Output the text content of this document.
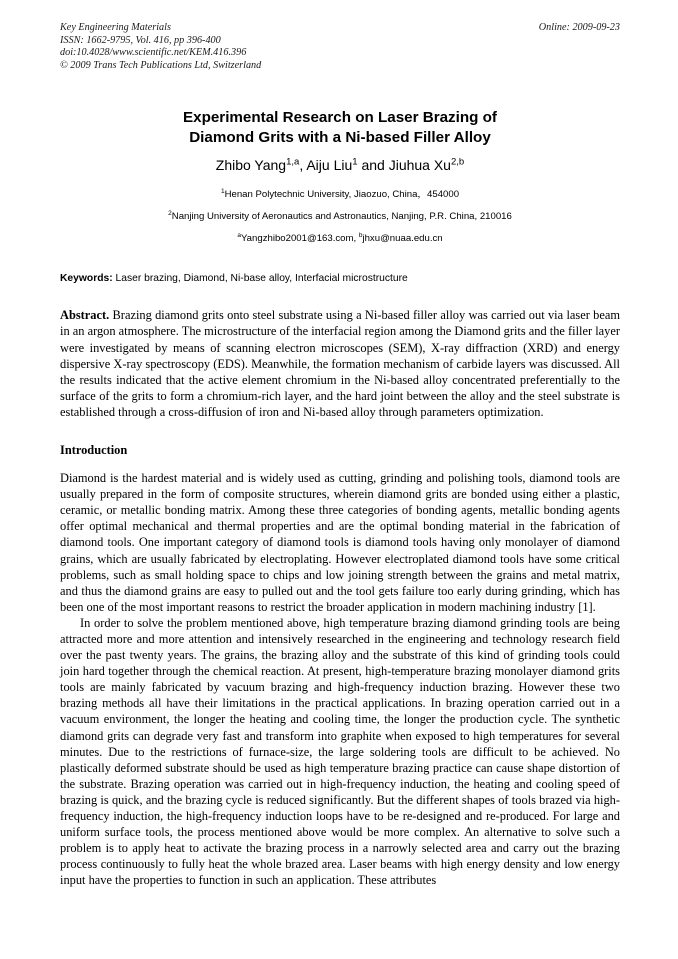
Key Engineering Materials
ISSN: 1662-9795, Vol. 416, pp 396-400
doi:10.4028/www.scientific.net/KEM.416.396
© 2009 Trans Tech Publications Ltd, Switzerland
Online: 2009-09-23
Experimental Research on Laser Brazing of
Diamond Grits with a Ni-based Filler Alloy
Zhibo Yang$^{1,a}$, Aiju Liu$^1$ and Jiuhua Xu$^{2,b}$
$^1$Henan Polytechnic University, Jiaozuo, China，454000
$^2$Nanjing University of Aeronautics and Astronautics, Nanjing, P.R. China, 210016
$^a$Yangzhibo2001@163.com, $^b$jhxu@nuaa.edu.cn
Keywords: Laser brazing, Diamond, Ni-base alloy, Interfacial microstructure
Abstract. Brazing diamond grits onto steel substrate using a Ni-based filler alloy was carried out via laser beam in an argon atmosphere. The microstructure of the interfacial region among the Diamond grits and the filler layer were investigated by means of scanning electron microscopes (SEM), X-ray diffraction (XRD) and energy dispersive X-ray spectroscopy (EDS). Meanwhile, the formation mechanism of carbide layers was discussed. All the results indicated that the active element chromium in the Ni-based alloy concentrated preferentially to the surface of the grits to form a chromium-rich layer, and the hard joint between the alloy and the steel substrate is established through a cross-diffusion of iron and Ni-based alloy through parameters optimization.
Introduction
Diamond is the hardest material and is widely used as cutting, grinding and polishing tools, diamond tools are usually prepared in the form of composite structures, wherein diamond grits are bonded using either a plastic, ceramic, or metallic bonding matrix. Among these three categories of bonding agents, metallic bonding agents offer optimal mechanical and thermal properties and are the optimal bonding material in the fabrication of diamond tools. One important category of diamond tools is diamond tools having only monolayer of diamond grains, which are usually fabricated by electroplating. However electroplated diamond tools have some critical problems, such as small holding space to chips and low joining strength between the grains and metal matrix, and thus the diamond grains are easy to pulled out and the tool gets failure too early during grinding, which has been one of the most important reasons to restrict the broader application in modern machining industry [1].
In order to solve the problem mentioned above, high temperature brazing diamond grinding tools are being attracted more and more attention and intensively researched in the engineering and technology research field over the past twenty years. The grains, the brazing alloy and the substrate of this kind of grinding tools could join hard together through the chemical reaction. At present, high-temperature brazing monolayer diamond grits tools are mainly fabricated by vacuum brazing and high-frequency induction brazing. However these two brazing methods all have their limitations in the practical applications. In brazing operation carried out in a vacuum environment, the longer the heating and cooling time, the longer the production cycle. The synthetic diamond grits can degrade very fast and transform into graphite when exposed to high temperatures for several minutes. Due to the restrictions of furnace-size, the large soldering tools are difficult to be achieved. No plastically deformed substrate should be used as high temperature brazing practice can cause shape distortion of the substrate. Brazing operation was carried out in high-frequency induction, the heating and cooling speed of brazing is quick, and the brazing cycle is reduced significantly. But the different shapes of tools brazed via high-frequency induction, the high-frequency induction loops have to be re-designed and re-produced. For large and uniform surface tools, the process mentioned above would be more complex. An alternative to solve such a problem is to apply heat to activate the brazing process in a narrowly selected area and carry out the brazing process continuously to fully heat the whole brazed area. Laser beams with high energy density and low energy input have the properties to function in such an application. These attributes
